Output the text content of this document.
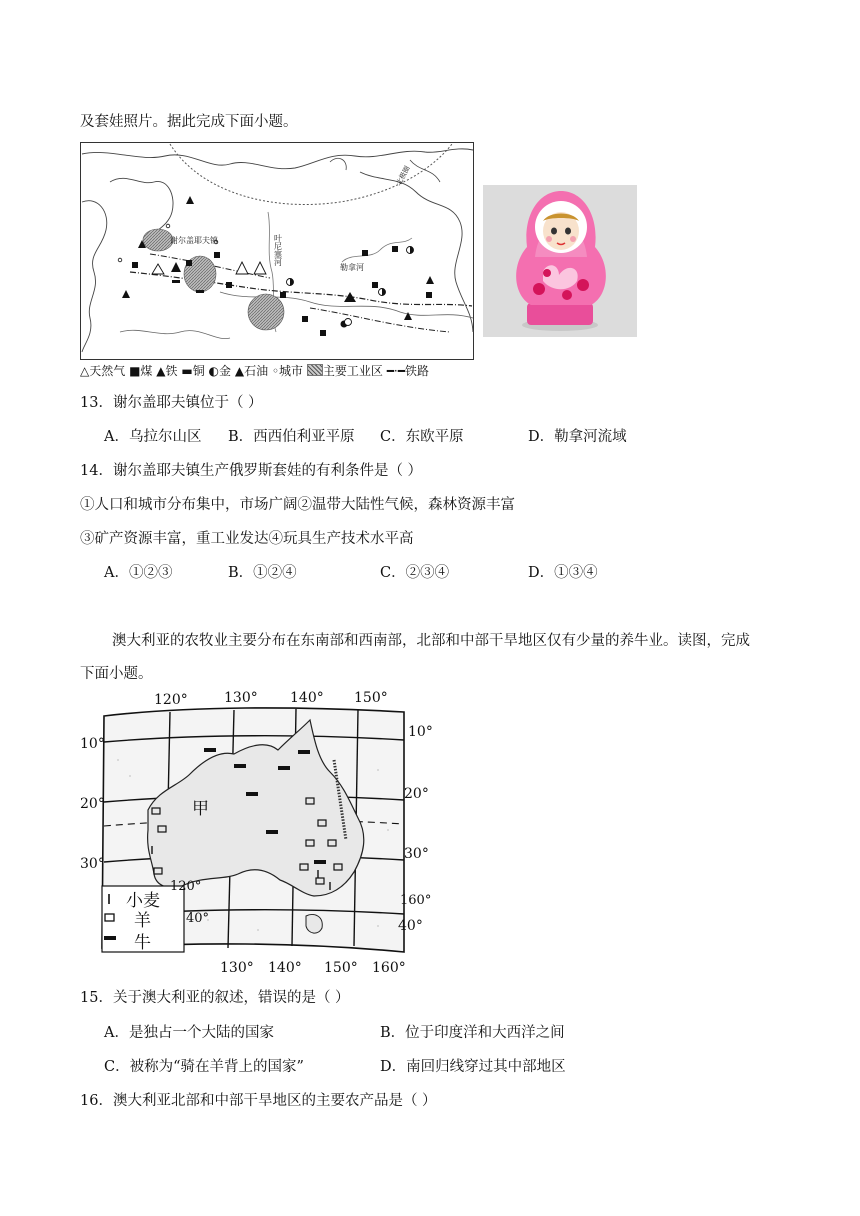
及套娃照片。据此完成下面小题。
谢尔盖耶夫镇	叶尼塞河
勒拿河
北极圈
△天然气 ■煤 ▲铁 ▬铜 ◐金 ▲石油 ◦城市 主要工业区 ━·━铁路
13．谢尔盖耶夫镇位于（ ）
A．乌拉尔山区 B．西西伯利亚平原 C．东欧平原	D．勒拿河流域
14．谢尔盖耶夫镇生产俄罗斯套娃的有利条件是（ ）
①人口和城市分布集中，市场广阔②温带大陆性气候，森林资源丰富
③矿产资源丰富，重工业发达④玩具生产技术水平高
A．①②③	B．①②④	C．②③④	D．①③④
澳大利亚的农牧业主要分布在东南部和西南部，北部和中部干旱地区仅有少量的养牛业。读图，完成
下面小题。
小麦
羊
牛
120°	130° 140° 150°
130° 140° 150° 160°
10°
20°
30°
10°
20°
30°
40°
120°
40°
160°
甲
15．关于澳大利亚的叙述，错误的是（ ）
A．是独占一个大陆的国家	B．位于印度洋和大西洋之间
C．被称为“骑在羊背上的国家”	D．南回归线穿过其中部地区
16．澳大利亚北部和中部干旱地区的主要农产品是（ ）
